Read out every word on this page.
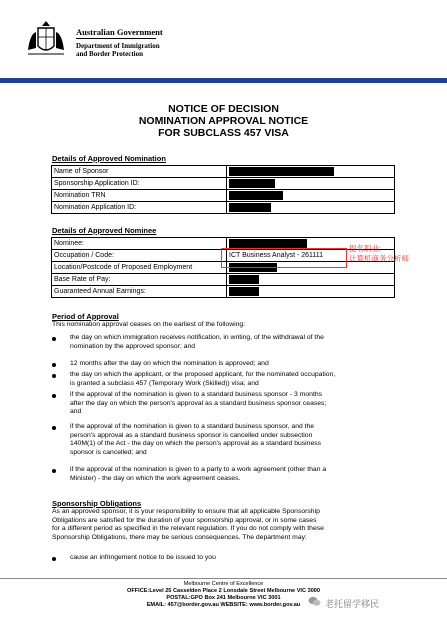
Australian Government
Department of Immigration
and Border Protection
NOTICE OF DECISION
NOMINATION APPROVAL NOTICE
FOR SUBCLASS 457 VISA
Details of Approved Nomination
Name of Sponsor	
Sponsorship Application ID:	
Nomination TRN	
Nomination Application ID:	
Details of Approved Nominee
Nominee:	
Occupation / Code:	ICT Business Analyst - 261111
Location/Postcode of Proposed Employment	
Base Rate of Pay:	
Guaranteed Annual Earnings:	
提名职业:
计算机商务分析师
Period of Approval
This nomination approval ceases on the earliest of the following:
the day on which immigration receives notification, in writing, of the withdrawal of the
nomination by the approved sponsor; and
12 months after the day on which the nomination is approved; and
the day on which the applicant, or the proposed applicant, for the nominated occupation,
is granted a subclass 457 (Temporary Work (Skilled)) visa; and
if the approval of the nomination is given to a standard business sponsor - 3 months
after the day on which the person's approval as a standard business sponsor ceases;
and
if the approval of the nomination is given to a standard business sponsor, and the
person's approval as a standard business sponsor is cancelled under subsection
140M(1) of the Act - the day on which the person's approval as a standard business
sponsor is cancelled; and
if the approval of the nomination is given to a party to a work agreement (other than a
Minister) - the day on which the work agreement ceases.
Sponsorship Obligations
As an approved sponsor, it is your responsibility to ensure that all applicable Sponsorship
Obligations are satisfied for the duration of your sponsorship approval, or in some cases
for a different period as specified in the relevant regulation. If you do not comply with these
Sponsorship Obligations, there may be serious consequences. The department may:
cause an infringement notice to be issued to you
Melbourne Centre of Excellence
OFFICE:Level 25 Casselden Place 2 Lonsdale Street Melbourne VIC 3000
POSTAL:GPO Box 241 Melbourne VIC 3001
EMAIL: 457@border.gov.au WEBSITE: www.border.gov.au	老托留学移民
